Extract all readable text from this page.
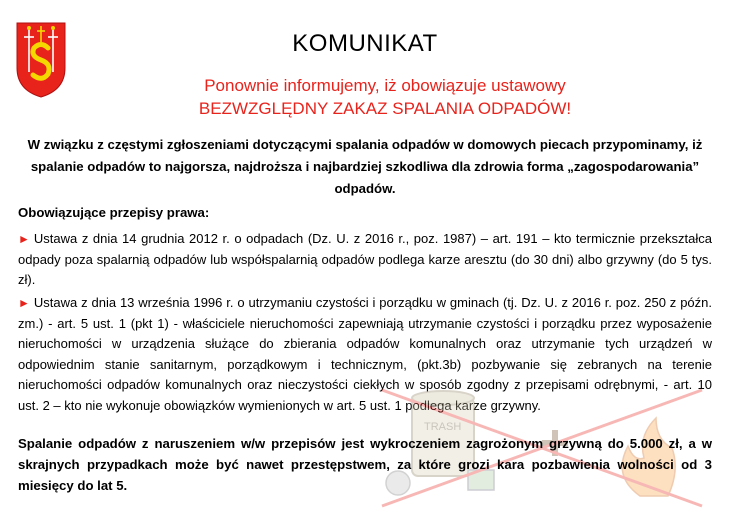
KOMUNIKAT
Ponownie informujemy, iż obowiązuje ustawowy
BEZWZGLĘDNY ZAKAZ SPALANIA ODPADÓW!
W związku z częstymi zgłoszeniami dotyczącymi spalania odpadów w domowych piecach przypominamy, iż spalanie odpadów to najgorsza, najdroższa i najbardziej szkodliwa dla zdrowia forma „zagospodarowania” odpadów.
Obowiązujące przepisy prawa:
► Ustawa z dnia 14 grudnia 2012 r. o odpadach (Dz. U. z 2016 r., poz. 1987) – art. 191 – kto termicznie przekształca odpady poza spalarnią odpadów lub współspalarnią odpadów podlega karze aresztu (do 30 dni) albo grzywny (do 5 tys. zł).
► Ustawa z dnia 13 września 1996 r. o utrzymaniu czystości i porządku w gminach (tj. Dz. U. z 2016 r. poz. 250 z późn. zm.) - art. 5 ust. 1 (pkt 1) - właściciele nieruchomości zapewniają utrzymanie czystości i porządku przez wyposażenie nieruchomości w urządzenia służące do zbierania odpadów komunalnych oraz utrzymanie tych urządzeń w odpowiednim stanie sanitarnym, porządkowym i technicznym, (pkt.3b) pozbywanie się zebranych na terenie nieruchomości odpadów komunalnych oraz nieczystości ciekłych w sposób zgodny z przepisami odrębnymi, - art. 10 ust. 2 – kto nie wykonuje obowiązków wymienionych w art. 5 ust. 1 podlega karze grzywny.
TRASH
Spalanie odpadów z naruszeniem w/w przepisów jest wykroczeniem zagrożonym grzywną do 5.000 zł, a w skrajnych przypadkach może być nawet przestępstwem, za które grozi kara pozbawienia wolności od 3 miesięcy do lat 5.
